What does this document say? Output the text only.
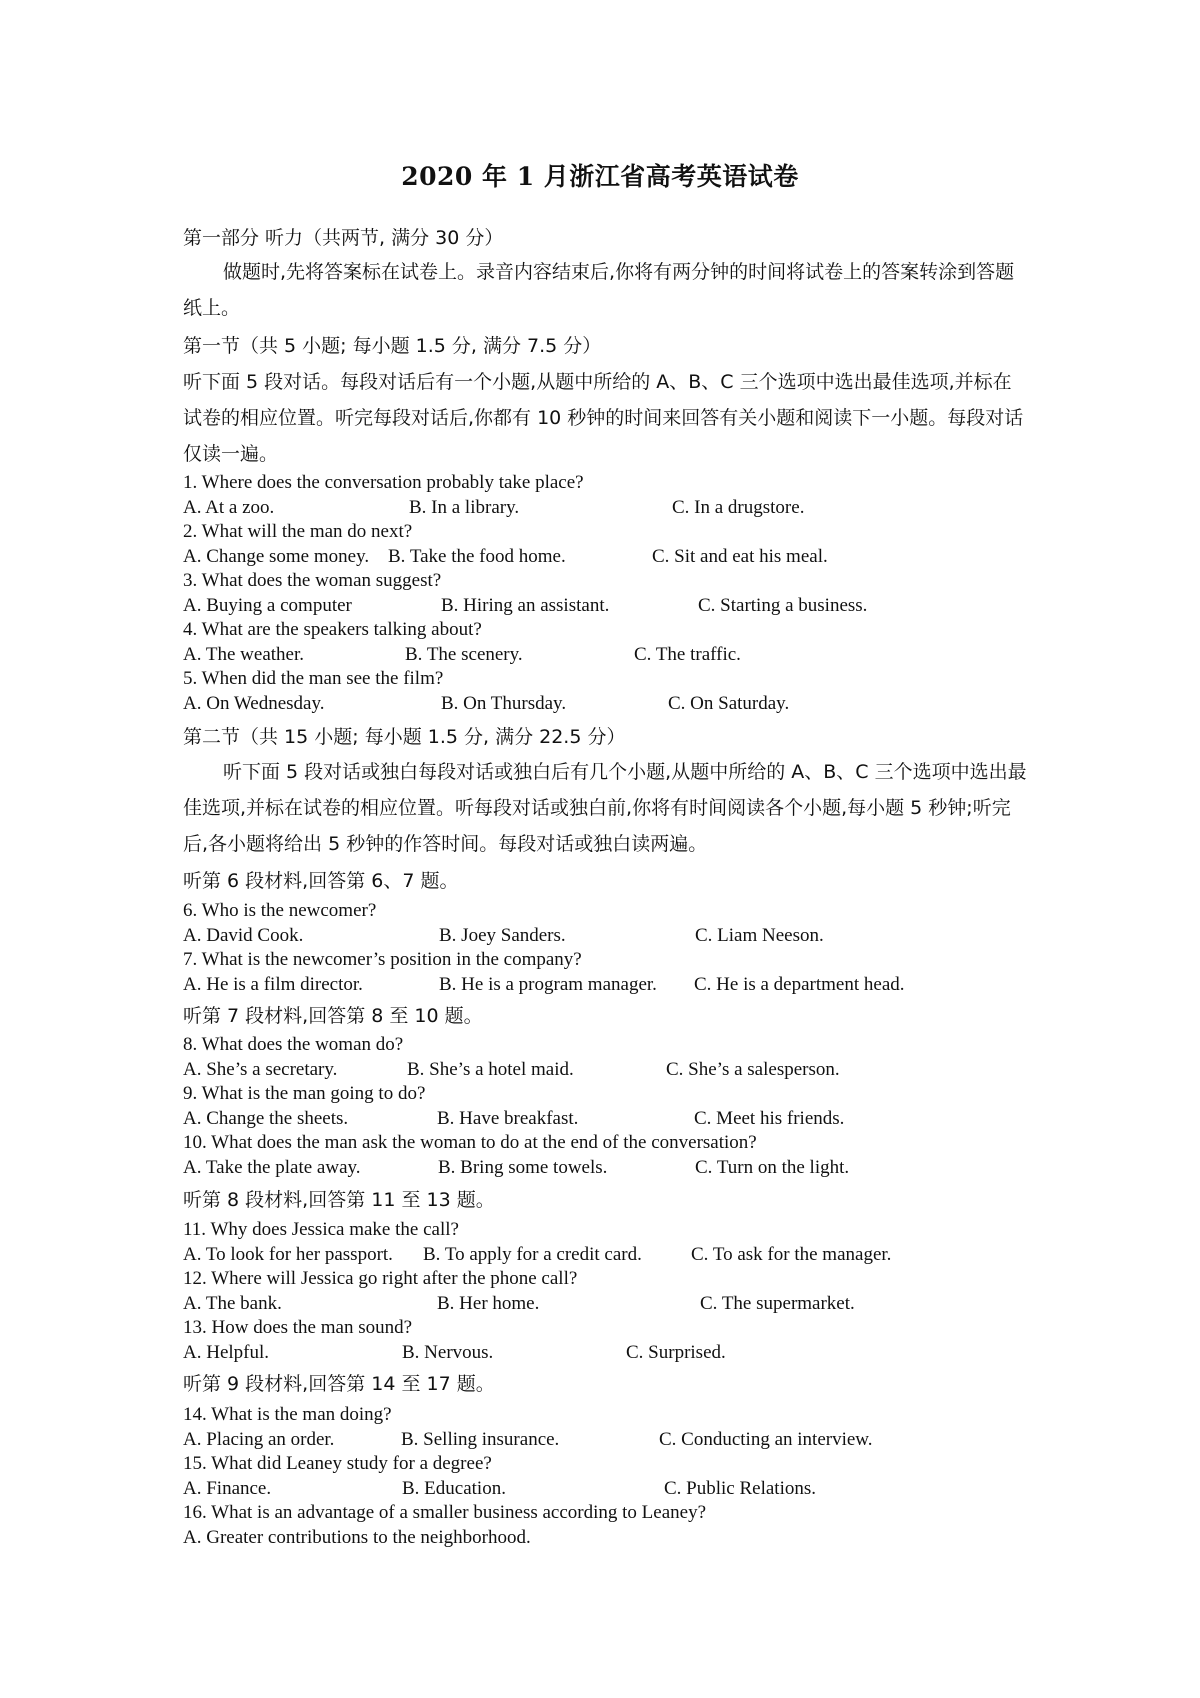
2020 年 1 月浙江省高考英语试卷
第一部分 听力（共两节, 满分 30 分）
做题时,先将答案标在试卷上。录音内容结束后,你将有两分钟的时间将试卷上的答案转涂到答题纸上。
第一节（共 5 小题; 每小题 1.5 分, 满分 7.5 分）
听下面 5 段对话。每段对话后有一个小题,从题中所给的 A、B、C 三个选项中选出最佳选项,并标在试卷的相应位置。听完每段对话后,你都有 10 秒钟的时间来回答有关小题和阅读下一小题。每段对话仅读一遍。
1. Where does the conversation probably take place?
A. At a zoo.	B. In a library.	C. In a drugstore.
2. What will the man do next?
A. Change some money. B. Take the food home.	C. Sit and eat his meal.
3. What does the woman suggest?
A. Buying a computer	B. Hiring an assistant.	C. Starting a business.
4. What are the speakers talking about?
A. The weather.	B. The scenery.	C. The traffic.
5. When did the man see the film?
A. On Wednesday.	B. On Thursday.	C. On Saturday.
第二节（共 15 小题; 每小题 1.5 分, 满分 22.5 分）
听下面 5 段对话或独白每段对话或独白后有几个小题,从题中所给的 A、B、C 三个选项中选出最佳选项,并标在试卷的相应位置。听每段对话或独白前,你将有时间阅读各个小题,每小题 5 秒钟;听完后,各小题将给出 5 秒钟的作答时间。每段对话或独白读两遍。
听第 6 段材料,回答第 6、7 题。
6. Who is the newcomer?
A. David Cook.	B. Joey Sanders.	C. Liam Neeson.
7. What is the newcomer’s position in the company?
A. He is a film director.	B. He is a program manager. C. He is a department head.
听第 7 段材料,回答第 8 至 10 题。
8. What does the woman do?
A. She’s a secretary.	B. She’s a hotel maid.	C. She’s a salesperson.
9. What is the man going to do?
A. Change the sheets.	B. Have breakfast.	C. Meet his friends.
10. What does the man ask the woman to do at the end of the conversation?
A. Take the plate away.	B. Bring some towels.	C. Turn on the light.
听第 8 段材料,回答第 11 至 13 题。
11. Why does Jessica make the call?
A. To look for her passport. B. To apply for a credit card.	C. To ask for the manager.
12. Where will Jessica go right after the phone call?
A. The bank.	B. Her home.	C. The supermarket.
13. How does the man sound?
A. Helpful.	B. Nervous.	C. Surprised.
听第 9 段材料,回答第 14 至 17 题。
14. What is the man doing?
A. Placing an order.	B. Selling insurance.	C. Conducting an interview.
15. What did Leaney study for a degree?
A. Finance.	B. Education.	C. Public Relations.
16. What is an advantage of a smaller business according to Leaney?
A. Greater contributions to the neighborhood.
